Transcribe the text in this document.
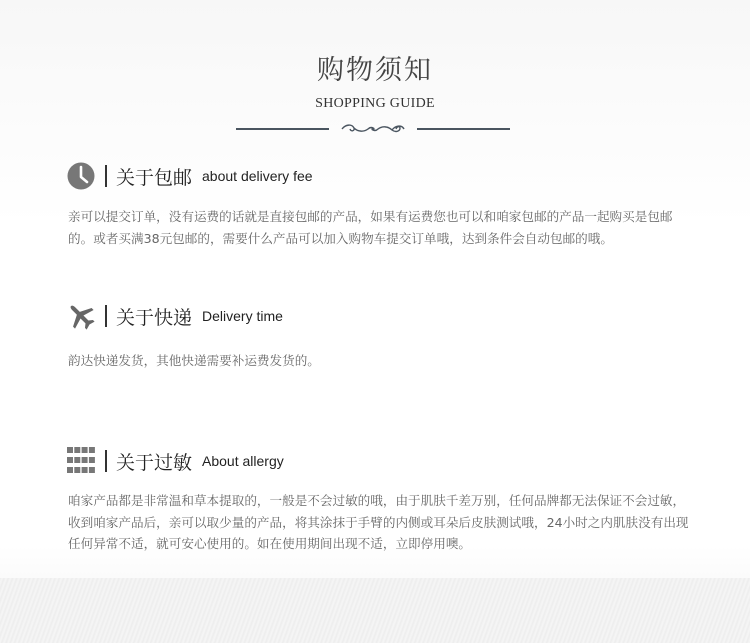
购物须知
SHOPPING GUIDE
关于包邮 about delivery fee
亲可以提交订单，没有运费的话就是直接包邮的产品，如果有运费您也可以和咱家包邮的产品一起购买是包邮的。或者买满38元包邮的，需要什么产品可以加入购物车提交订单哦，达到条件会自动包邮的哦。
关于快递 Delivery time
韵达快递发货，其他快递需要补运费发货的。
关于过敏 About allergy
咱家产品都是非常温和草本提取的，一般是不会过敏的哦，由于肌肤千差万别，任何品牌都无法保证不会过敏，收到咱家产品后，亲可以取少量的产品，将其涂抹于手臂的内侧或耳朵后皮肤测试哦，24小时之内肌肤没有出现任何异常不适，就可安心使用的。如在使用期间出现不适，立即停用噢。
